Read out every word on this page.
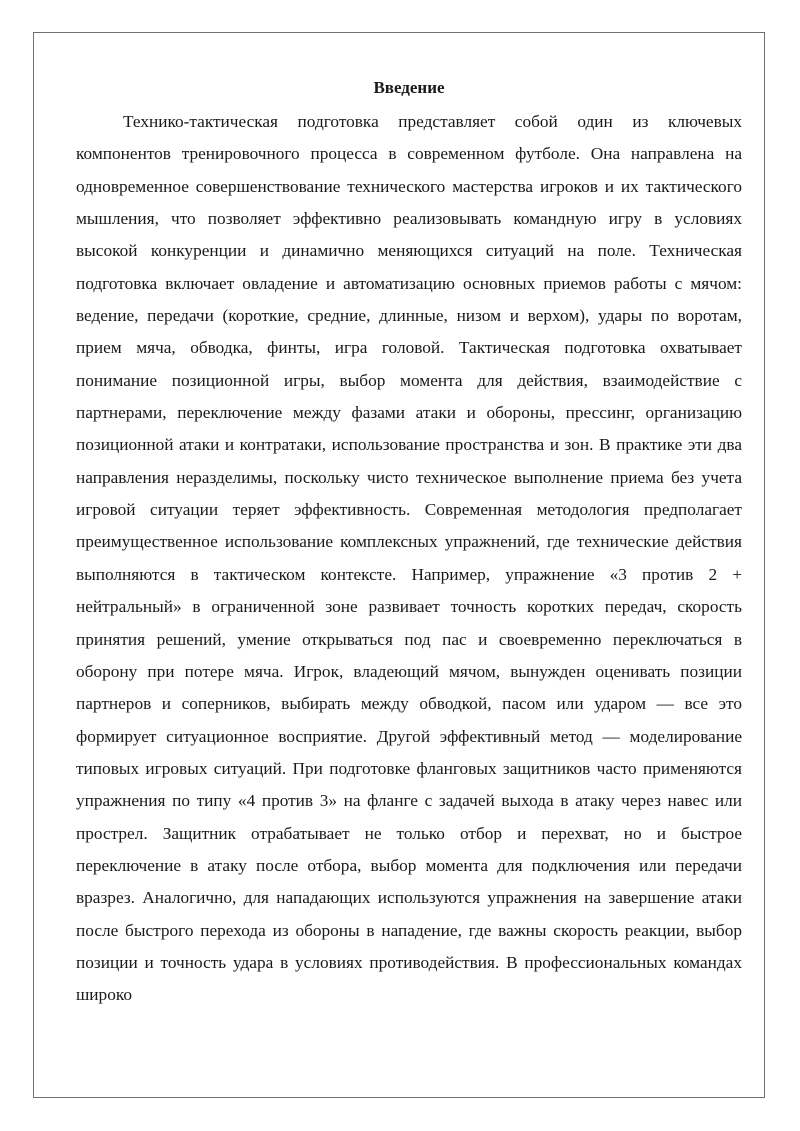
Введение

Технико-тактическая подготовка представляет собой один из ключевых компонентов тренировочного процесса в современном футболе. Она направлена на одновременное совершенствование технического мастерства игроков и их тактического мышления, что позволяет эффективно реализовывать командную игру в условиях высокой конкуренции и динамично меняющихся ситуаций на поле. Техническая подготовка включает овладение и автоматизацию основных приемов работы с мячом: ведение, передачи (короткие, средние, длинные, низом и верхом), удары по воротам, прием мяча, обводка, финты, игра головой. Тактическая подготовка охватывает понимание позиционной игры, выбор момента для действия, взаимодействие с партнерами, переключение между фазами атаки и обороны, прессинг, организацию позиционной атаки и контратаки, использование пространства и зон. В практике эти два направления неразделимы, поскольку чисто техническое выполнение приема без учета игровой ситуации теряет эффективность. Современная методология предполагает преимущественное использование комплексных упражнений, где технические действия выполняются в тактическом контексте. Например, упражнение «3 против 2 + нейтральный» в ограниченной зоне развивает точность коротких передач, скорость принятия решений, умение открываться под пас и своевременно переключаться в оборону при потере мяча. Игрок, владеющий мячом, вынужден оценивать позиции партнеров и соперников, выбирать между обводкой, пасом или ударом — все это формирует ситуационное восприятие. Другой эффективный метод — моделирование типовых игровых ситуаций. При подготовке фланговых защитников часто применяются упражнения по типу «4 против 3» на фланге с задачей выхода в атаку через навес или прострел. Защитник отрабатывает не только отбор и перехват, но и быстрое переключение в атаку после отбора, выбор момента для подключения или передачи вразрез. Аналогично, для нападающих используются упражнения на завершение атаки после быстрого перехода из обороны в нападение, где важны скорость реакции, выбор позиции и точность удара в условиях противодействия. В профессиональных командах широко
